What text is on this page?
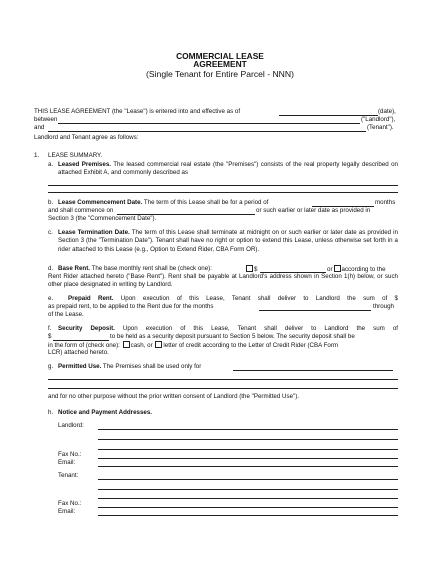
COMMERCIAL LEASE
AGREEMENT
(Single Tenant for Entire Parcel - NNN)
THIS LEASE AGREEMENT (the "Lease") is entered into and effective as of	(date),
between	("Landlord"),
and	(Tenant").
Landlord and Tenant agree as follows:
1. LEASE SUMMARY.
a. Leased Premises. The leased commercial real estate (the "Premises") consists of the real property legally described on attached Exhibit A, and commonly described as
b. Lease Commencement Date. The term of this Lease shall be for a period of	months
and shall commence on	or such earlier or later date as provided in
Section 3 (the "Commencement Date").
c. Lease Termination Date. The term of this Lease shall terminate at midnight on or such earlier or later date as provided in Section 3 (the "Termination Date"). Tenant shall have no right or option to extend this Lease, unless otherwise set forth in a rider attached to this Lease (e.g., Option to Extend Rider, CBA Form OR).
d. Base Rent. The base monthly rent shall be (check one):	$	or according to the
Rent Rider attached hereto ("Base Rent"). Rent shall be payable at Landlord's address shown in Section 1(h) below, or such other place designated in writing by Landlord.
e. Prepaid Rent. Upon execution of this Lease, Tenant shall deliver to Landlord the sum of $
as prepaid rent, to be applied to the Rent due for the months	through
of the Lease.
f. Security Deposit. Upon execution of this Lease, Tenant shall deliver to Landlord the sum of
$	to be held as a security deposit pursuant to Section 5 below. The security deposit shall be
in the form of (check one): cash, or letter of credit according to the Letter of Credit Rider (CBA Form
LCR) attached hereto.
g. Permitted Use. The Premises shall be used only for
and for no other purpose without the prior written consent of Landlord (the "Permitted Use").
h. Notice and Payment Addresses.
Landlord:
Fax No.:
Email:
Tenant:
Fax No.:
Email:
